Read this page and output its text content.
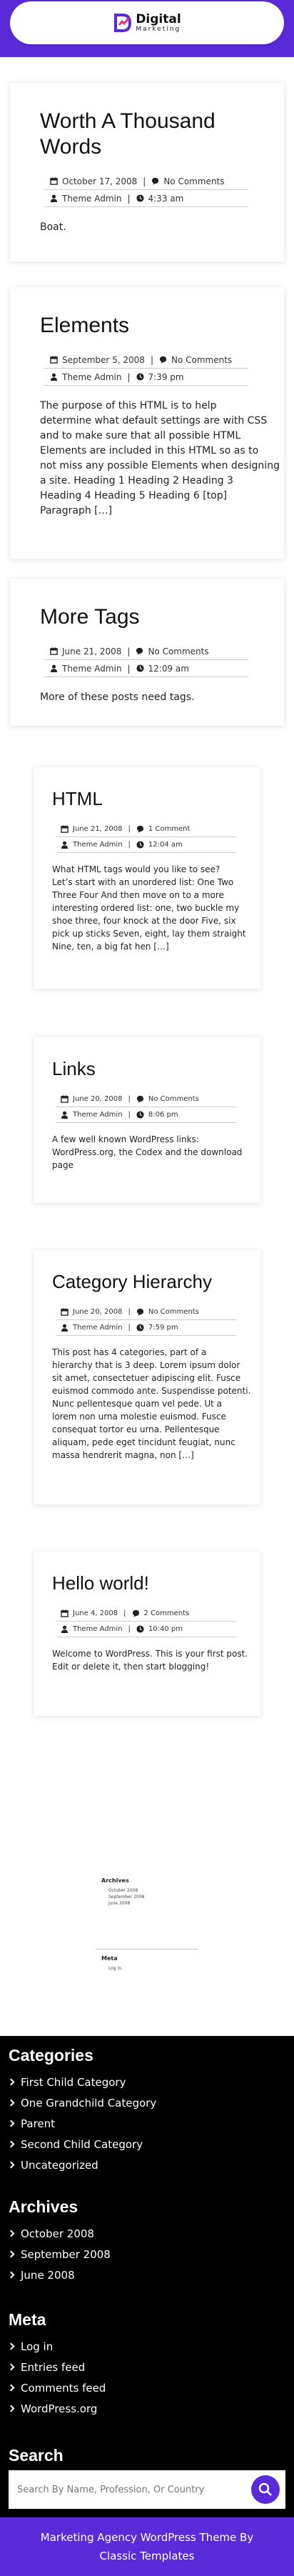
Digital
Marketing
Worth A Thousand
Words
October 17, 2008 | No Comments
Theme Admin | 4:33 am
Boat.
Elements
September 5, 2008 | No Comments
Theme Admin | 7:39 pm
The purpose of this HTML is to help
determine what default settings are with CSS
and to make sure that all possible HTML
Elements are included in this HTML so as to
not miss any possible Elements when designing
a site. Heading 1 Heading 2 Heading 3
Heading 4 Heading 5 Heading 6 [top]
Paragraph […]
More Tags
June 21, 2008 | No Comments
Theme Admin | 12:09 am
More of these posts need tags.
HTML
June 21, 2008 |	1 Comment
Theme Admin |	12:04 am
What HTML tags would you like to see?
Let’s start with an unordered list: One Two
Three Four And then move on to a more
interesting ordered list: one, two buckle my
shoe three, four knock at the door Five, six
pick up sticks Seven, eight, lay them straight
Nine, ten, a big fat hen […]
Links
June 20, 2008 |	No Comments
Theme Admin |	8:06 pm
A few well known WordPress links:
WordPress.org, the Codex and the download
page
Category Hierarchy
June 20, 2008 |	No Comments
Theme Admin |	7:59 pm
This post has 4 categories, part of a
hierarchy that is 3 deep. Lorem ipsum dolor
sit amet, consectetuer adipiscing elit. Fusce
euismod commodo ante. Suspendisse potenti.
Nunc pellentesque quam vel pede. Ut a
lorem non urna molestie euismod. Fusce
consequat tortor eu urna. Pellentesque
aliquam, pede eget tincidunt feugiat, nunc
massa hendrerit magna, non […]
Hello world!
June 4, 2008 |	2 Comments
Theme Admin |	10:40 pm
Welcome to WordPress. This is your first post.
Edit or delete it, then start blogging!
Archives
October 2008
September 2008
June 2008
Meta
Log in
Categories
First Child Category
One Grandchild Category
Parent
Second Child Category
Uncategorized
Archives
October 2008
September 2008
June 2008
Meta
Log in
Entries feed
Comments feed
WordPress.org
Search
Search By Name, Profession, Or Country
Marketing Agency WordPress Theme By Classic Templates
